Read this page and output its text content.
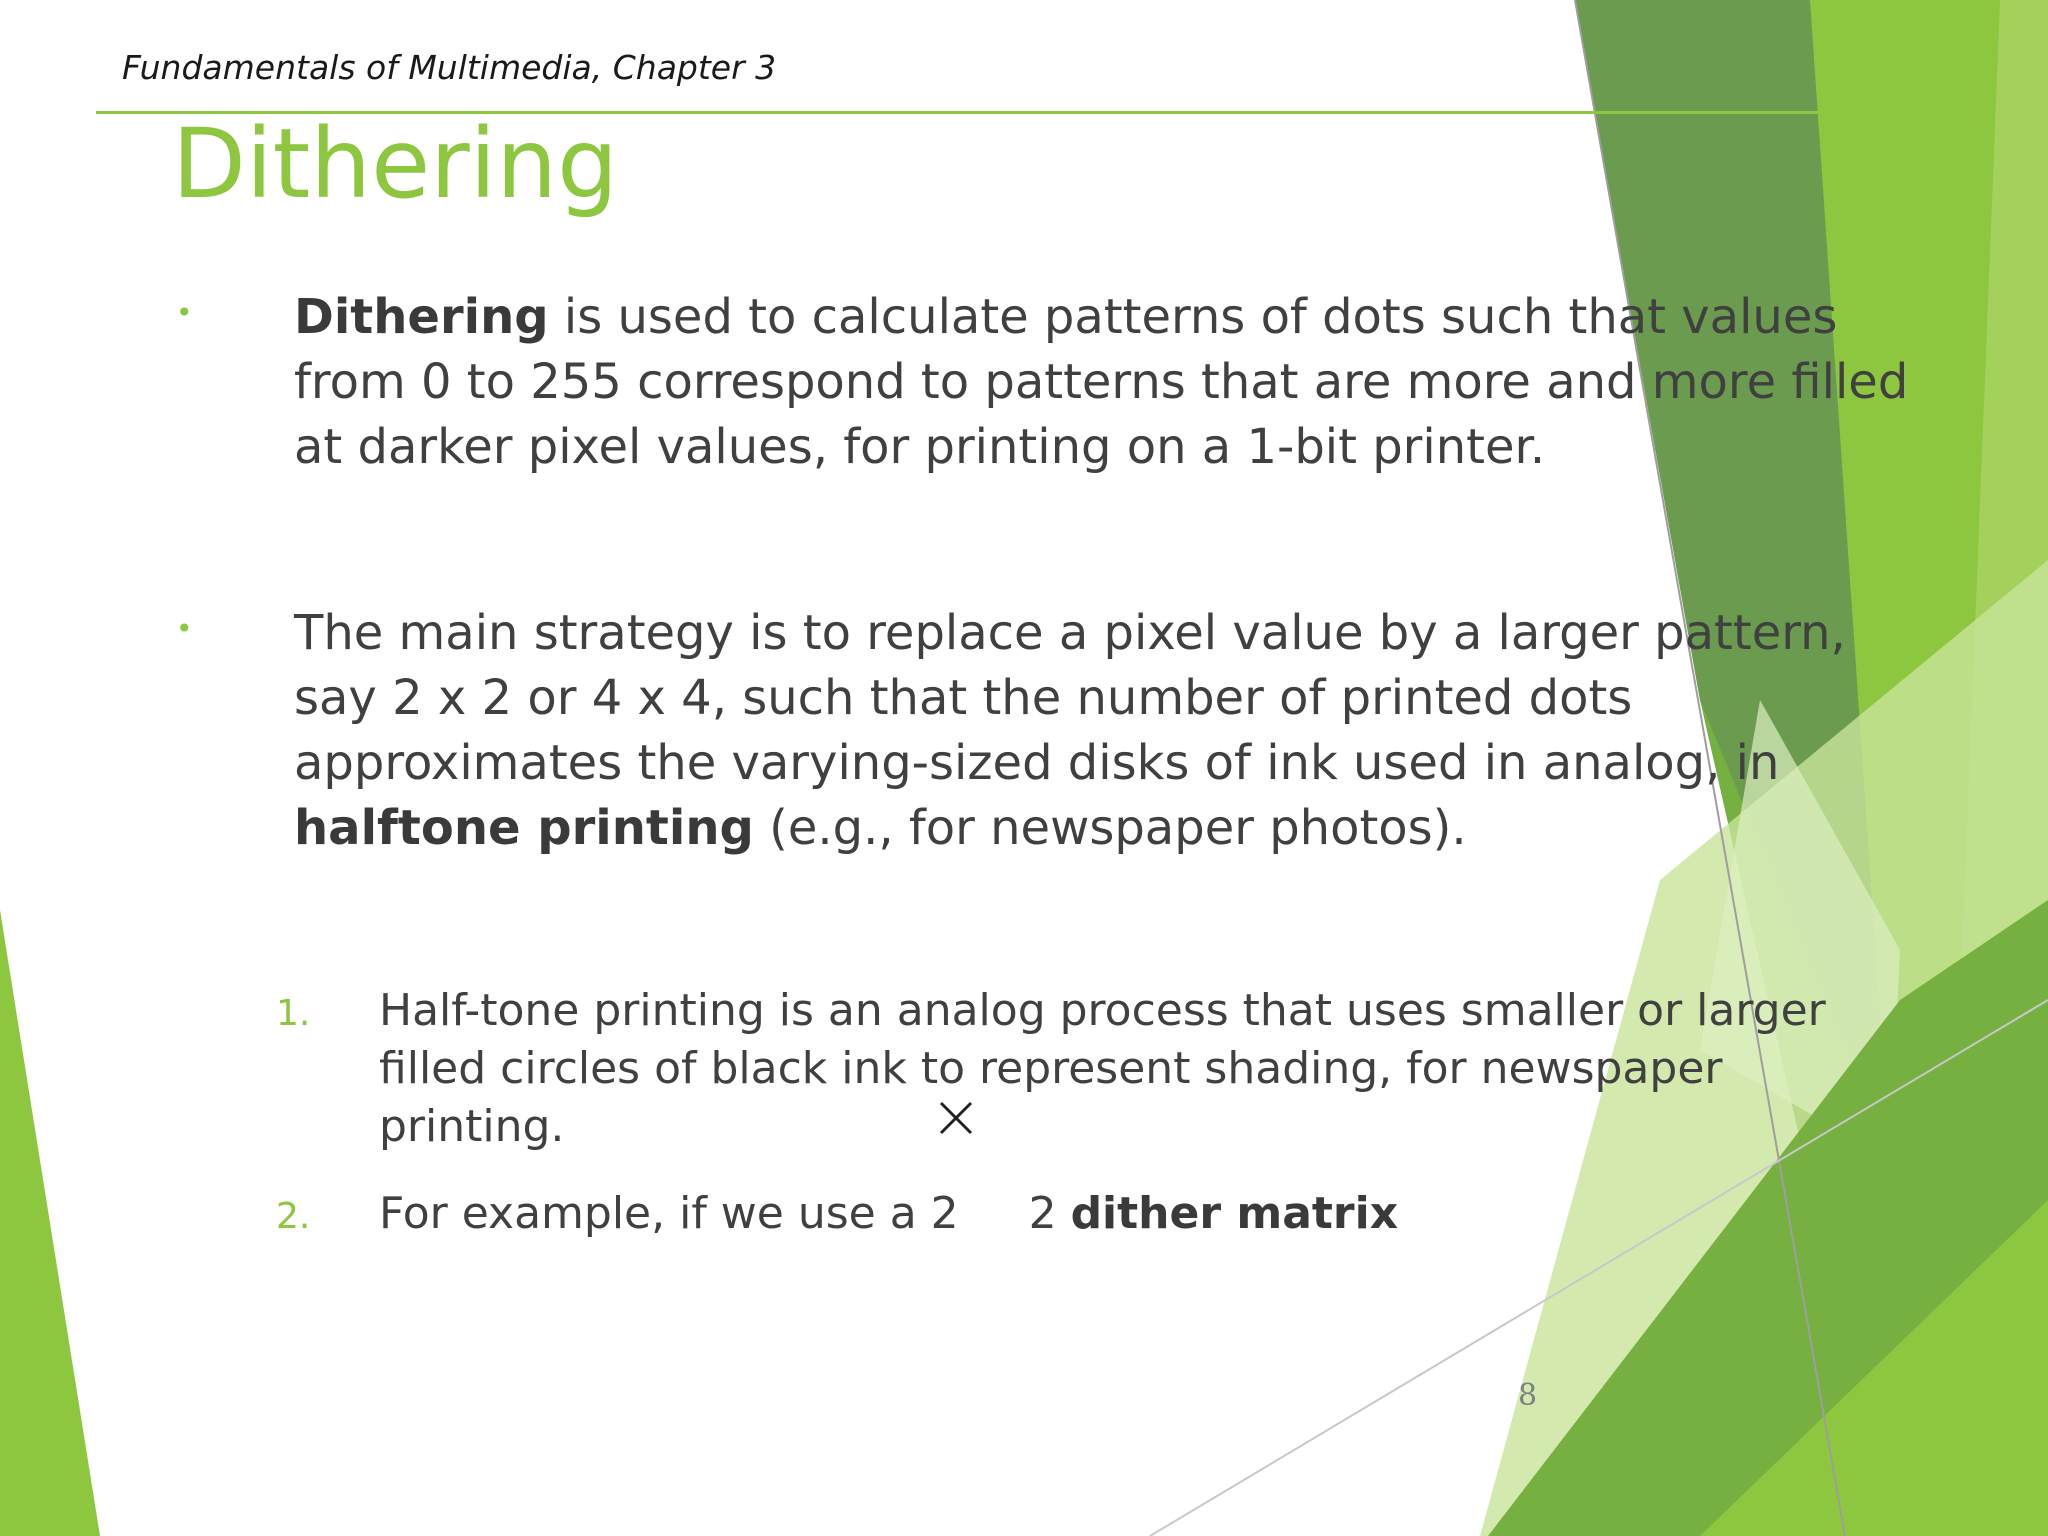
Fundamentals of Multimedia, Chapter 3
Dithering
• Dithering is used to calculate patterns of dots such that values from 0 to 255 correspond to patterns that are more and more filled at darker pixel values, for printing on a 1-bit printer.
• The main strategy is to replace a pixel value by a larger pattern, say 2 x 2 or 4 x 4, such that the number of printed dots approximates the varying-sized disks of ink used in analog, in halftone printing (e.g., for newspaper photos).
1. Half-tone printing is an analog process that uses smaller or larger filled circles of black ink to represent shading, for newspaper printing.
2. For example, if we use a 2     2 dither matrix
8
